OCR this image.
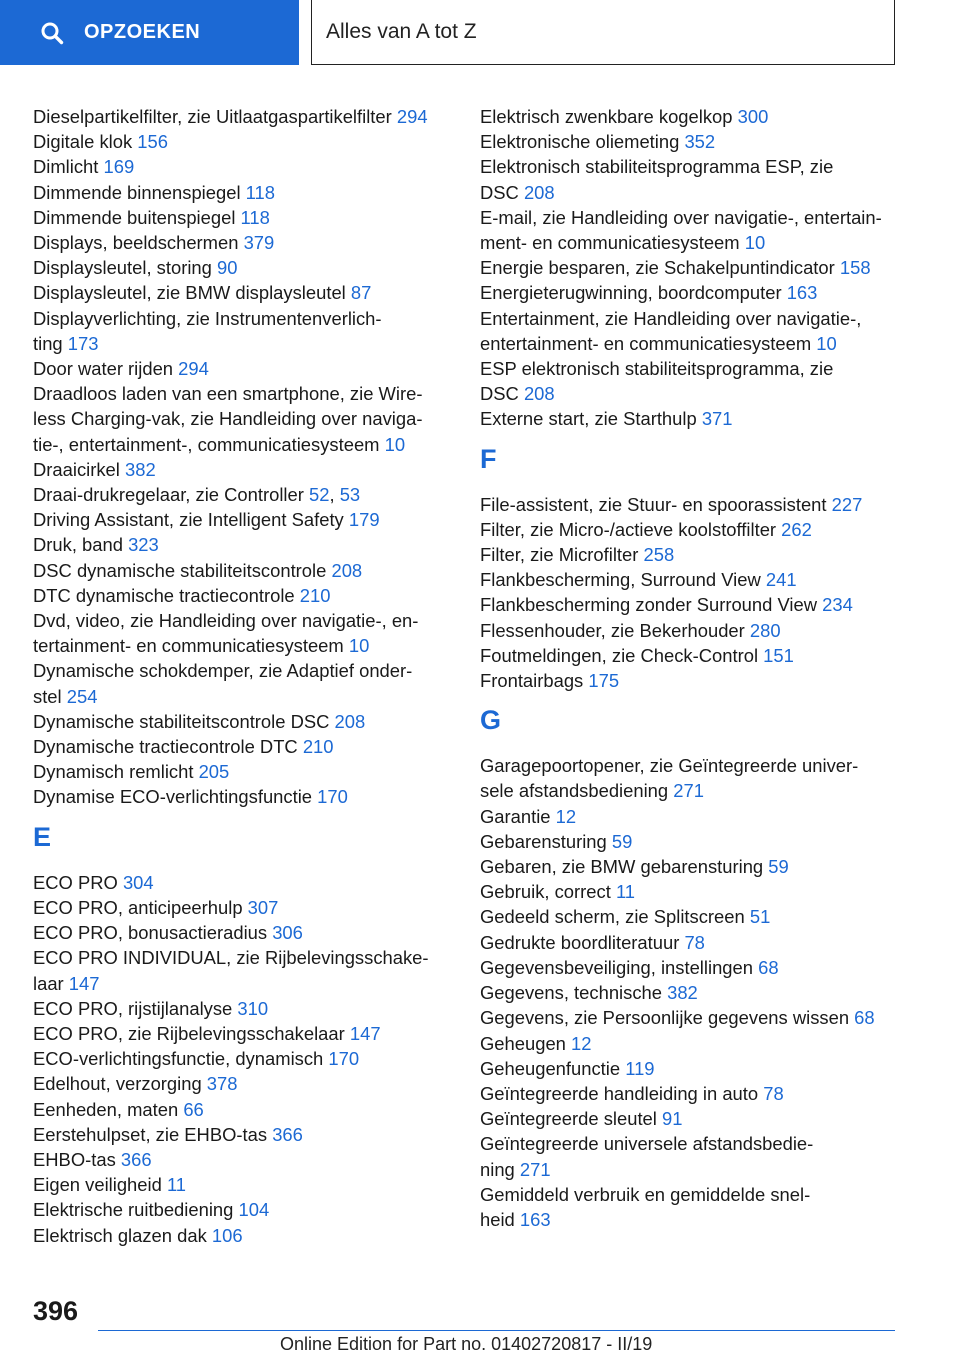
OPZOEKEN	Alles van A tot Z
Dieselpartikelfilter, zie Uitlaatgaspartikelfilter 294
Digitale klok 156
Dimlicht 169
Dimmende binnenspiegel 118
Dimmende buitenspiegel 118
Displays, beeldschermen 379
Displaysleutel, storing 90
Displaysleutel, zie BMW displaysleutel 87
Displayverlichting, zie Instrumentenverlich-
ting 173
Door water rijden 294
Draadloos laden van een smartphone, zie Wire-
less Charging-vak, zie Handleiding over naviga-
tie-, entertainment-, communicatiesysteem 10
Draaicirkel 382
Draai-drukregelaar, zie Controller 52, 53
Driving Assistant, zie Intelligent Safety 179
Druk, band 323
DSC dynamische stabiliteitscontrole 208
DTC dynamische tractiecontrole 210
Dvd, video, zie Handleiding over navigatie-, en-
tertainment- en communicatiesysteem 10
Dynamische schokdemper, zie Adaptief onder-
stel 254
Dynamische stabiliteitscontrole DSC 208
Dynamische tractiecontrole DTC 210
Dynamisch remlicht 205
Dynamise ECO-verlichtingsfunctie 170
E
ECO PRO 304
ECO PRO, anticipeerhulp 307
ECO PRO, bonusactieradius 306
ECO PRO INDIVIDUAL, zie Rijbelevingsschake-
laar 147
ECO PRO, rijstijlanalyse 310
ECO PRO, zie Rijbelevingsschakelaar 147
ECO-verlichtingsfunctie, dynamisch 170
Edelhout, verzorging 378
Eenheden, maten 66
Eerstehulpset, zie EHBO-tas 366
EHBO-tas 366
Eigen veiligheid 11
Elektrische ruitbediening 104
Elektrisch glazen dak 106
Elektrisch zwenkbare kogelkop 300
Elektronische oliemeting 352
Elektronisch stabiliteitsprogramma ESP, zie
DSC 208
E-mail, zie Handleiding over navigatie-, entertain-
ment- en communicatiesysteem 10
Energie besparen, zie Schakelpuntindicator 158
Energieterugwinning, boordcomputer 163
Entertainment, zie Handleiding over navigatie-,
entertainment- en communicatiesysteem 10
ESP elektronisch stabiliteitsprogramma, zie
DSC 208
Externe start, zie Starthulp 371
F
File-assistent, zie Stuur- en spoorassistent 227
Filter, zie Micro-/actieve koolstoffilter 262
Filter, zie Microfilter 258
Flankbescherming, Surround View 241
Flankbescherming zonder Surround View 234
Flessenhouder, zie Bekerhouder 280
Foutmeldingen, zie Check-Control 151
Frontairbags 175
G
Garagepoortopener, zie Geïntegreerde univer-
sele afstandsbediening 271
Garantie 12
Gebarensturing 59
Gebaren, zie BMW gebarensturing 59
Gebruik, correct 11
Gedeeld scherm, zie Splitscreen 51
Gedrukte boordliteratuur 78
Gegevensbeveiliging, instellingen 68
Gegevens, technische 382
Gegevens, zie Persoonlijke gegevens wissen 68
Geheugen 12
Geheugenfunctie 119
Geïntegreerde handleiding in auto 78
Geïntegreerde sleutel 91
Geïntegreerde universele afstandsbedie-
ning 271
Gemiddeld verbruik en gemiddelde snel-
heid 163
396
Online Edition for Part no. 01402720817 - II/19
